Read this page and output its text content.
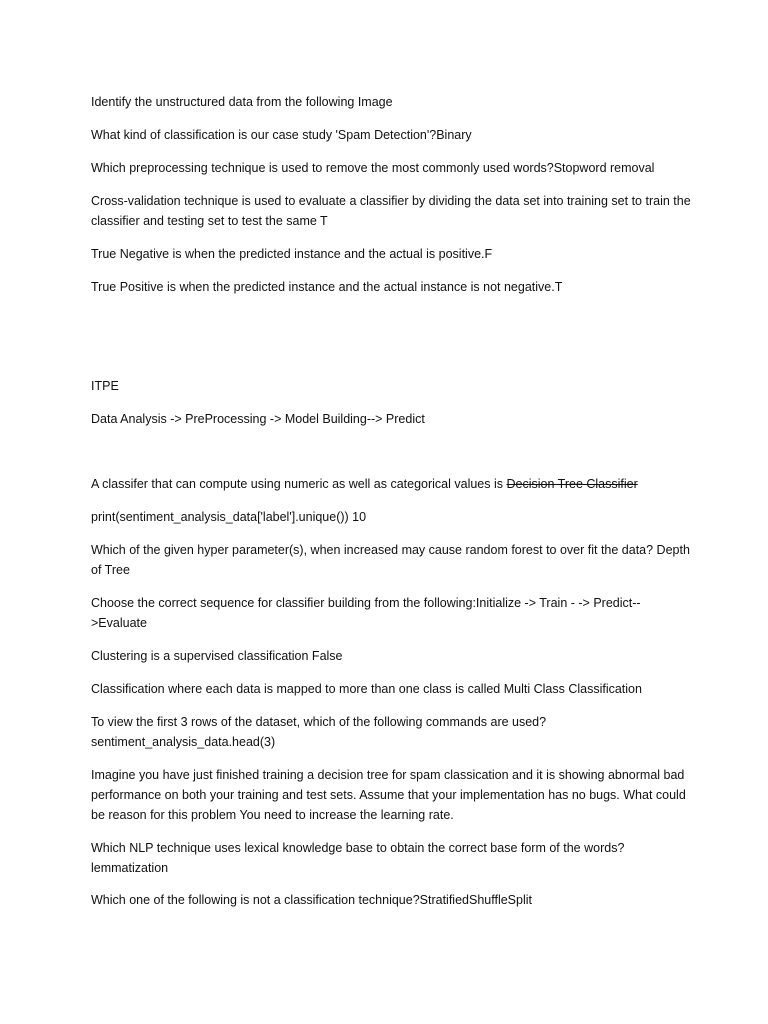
Identify the unstructured data from the following Image

What kind of classification is our case study 'Spam Detection'?Binary

Which preprocessing technique is used to remove the most commonly used words?Stopword removal

Cross-validation technique is used to evaluate a classifier by dividing the data set into training set to train the classifier and testing set to test the same T

True Negative is when the predicted instance and the actual is positive.F

True Positive is when the predicted instance and the actual instance is not negative.T

ITPE

Data Analysis -> PreProcessing -> Model Building--> Predict

A classifer that can compute using numeric as well as categorical values is Decision Tree Classifier

print(sentiment_analysis_data['label'].unique()) 10

Which of the given hyper parameter(s), when increased may cause random forest to over fit the data? Depth of Tree

Choose the correct sequence for classifier building from the following:Initialize -> Train - -> Predict-- >Evaluate

Clustering is a supervised classification False

Classification where each data is mapped to more than one class is called Multi Class Classification

To view the first 3 rows of the dataset, which of the following commands are used? sentiment_analysis_data.head(3)

Imagine you have just finished training a decision tree for spam classication and it is showing abnormal bad performance on both your training and test sets. Assume that your implementation has no bugs. What could be reason for this problem You need to increase the learning rate.

Which NLP technique uses lexical knowledge base to obtain the correct base form of the words? lemmatization

Which one of the following is not a classification technique?StratifiedShuffleSplit
